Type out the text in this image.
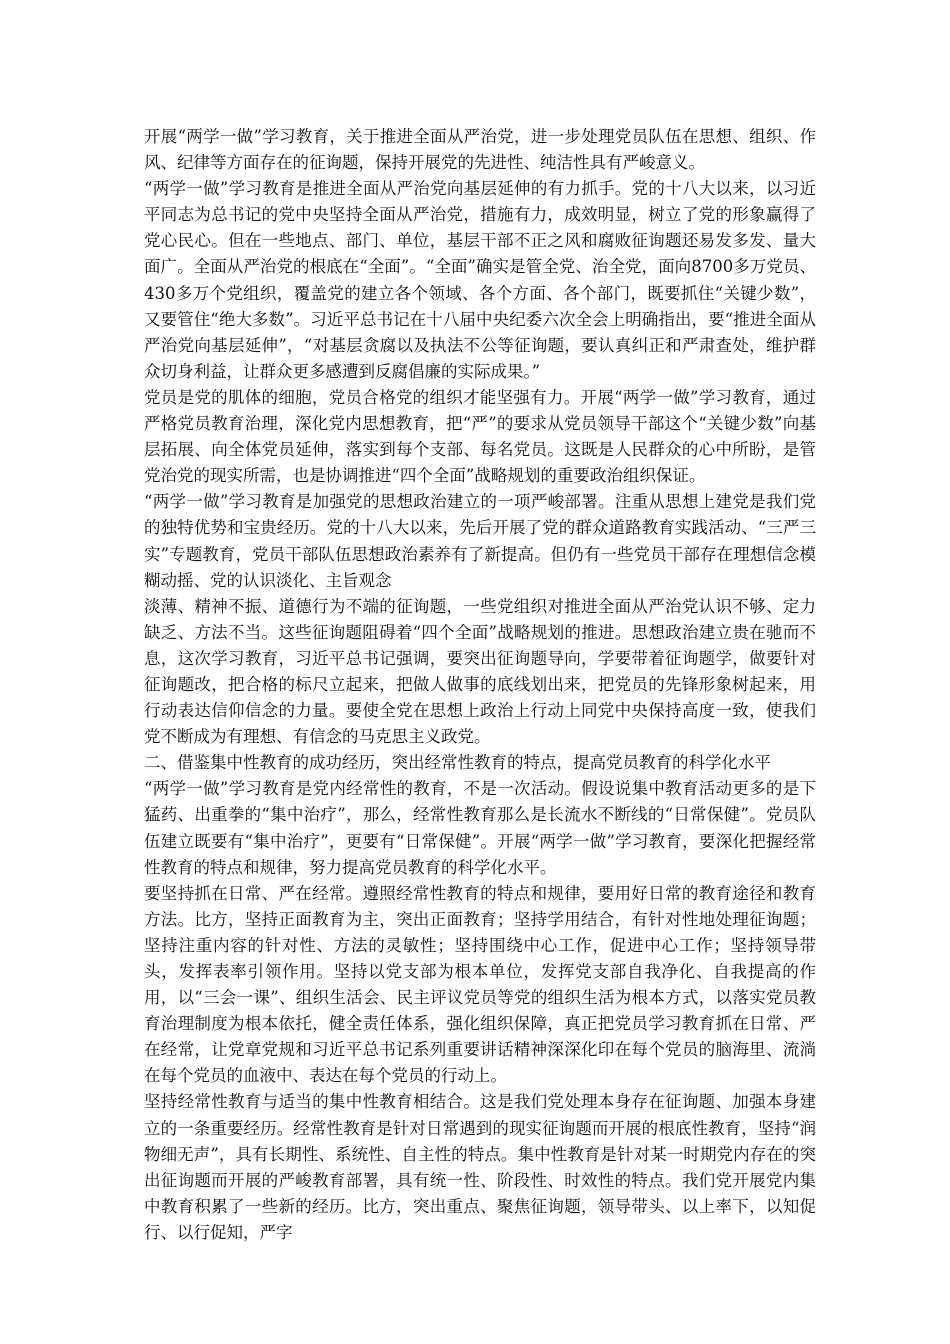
开展“两学一做”学习教育，关于推进全面从严治党，进一步处理党员队伍在思想、组织、作风、纪律等方面存在的征询题，保持开展党的先进性、纯洁性具有严峻意义。

“两学一做”学习教育是推进全面从严治党向基层延伸的有力抓手。党的十八大以来，以习近平同志为总书记的党中央坚持全面从严治党，措施有力，成效明显，树立了党的形象赢得了党心民心。但在一些地点、部门、单位，基层干部不正之风和腐败征询题还易发多发、量大面广。全面从严治党的根底在“全面”。“全面”确实是管全党、治全党，面向8700多万党员、430多万个党组织，覆盖党的建立各个领域、各个方面、各个部门，既要抓住“关键少数”，又要管住“绝大多数”。习近平总书记在十八届中央纪委六次全会上明确指出，要“推进全面从严治党向基层延伸”，“对基层贪腐以及执法不公等征询题，要认真纠正和严肃查处，维护群众切身利益，让群众更多感遭到反腐倡廉的实际成果。”

党员是党的肌体的细胞，党员合格党的组织才能坚强有力。开展“两学一做”学习教育，通过严格党员教育治理，深化党内思想教育，把“严”的要求从党员领导干部这个“关键少数”向基层拓展、向全体党员延伸，落实到每个支部、每名党员。这既是人民群众的心中所盼，是管党治党的现实所需，也是协调推进“四个全面”战略规划的重要政治组织保证。

“两学一做”学习教育是加强党的思想政治建立的一项严峻部署。注重从思想上建党是我们党的独特优势和宝贵经历。党的十八大以来，先后开展了党的群众道路教育实践活动、“三严三实”专题教育，党员干部队伍思想政治素养有了新提高。但仍有一些党员干部存在理想信念模糊动摇、党的认识淡化、主旨观念

淡薄、精神不振、道德行为不端的征询题，一些党组织对推进全面从严治党认识不够、定力缺乏、方法不当。这些征询题阻碍着“四个全面”战略规划的推进。思想政治建立贵在驰而不息，这次学习教育，习近平总书记强调，要突出征询题导向，学要带着征询题学，做要针对征询题改，把合格的标尺立起来，把做人做事的底线划出来，把党员的先锋形象树起来，用行动表达信仰信念的力量。要使全党在思想上政治上行动上同党中央保持高度一致，使我们党不断成为有理想、有信念的马克思主义政党。

二、借鉴集中性教育的成功经历，突出经常性教育的特点，提高党员教育的科学化水平

“两学一做”学习教育是党内经常性的教育，不是一次活动。假设说集中教育活动更多的是下猛药、出重拳的“集中治疗”，那么，经常性教育那么是长流水不断线的“日常保健”。党员队伍建立既要有“集中治疗”，更要有“日常保健”。开展“两学一做”学习教育，要深化把握经常性教育的特点和规律，努力提高党员教育的科学化水平。

要坚持抓在日常、严在经常。遵照经常性教育的特点和规律，要用好日常的教育途径和教育方法。比方，坚持正面教育为主，突出正面教育；坚持学用结合，有针对性地处理征询题；坚持注重内容的针对性、方法的灵敏性；坚持围绕中心工作，促进中心工作；坚持领导带头，发挥表率引领作用。坚持以党支部为根本单位，发挥党支部自我净化、自我提高的作用，以“三会一课”、组织生活会、民主评议党员等党的组织生活为根本方式，以落实党员教育治理制度为根本依托，健全责任体系，强化组织保障，真正把党员学习教育抓在日常、严在经常，让党章党规和习近平总书记系列重要讲话精神深深化印在每个党员的脑海里、流淌在每个党员的血液中、表达在每个党员的行动上。

坚持经常性教育与适当的集中性教育相结合。这是我们党处理本身存在征询题、加强本身建立的一条重要经历。经常性教育是针对日常遇到的现实征询题而开展的根底性教育，坚持“润物细无声”，具有长期性、系统性、自主性的特点。集中性教育是针对某一时期党内存在的突出征询题而开展的严峻教育部署，具有统一性、阶段性、时效性的特点。我们党开展党内集中教育积累了一些新的经历。比方，突出重点、聚焦征询题，领导带头、以上率下，以知促行、以行促知，严字
